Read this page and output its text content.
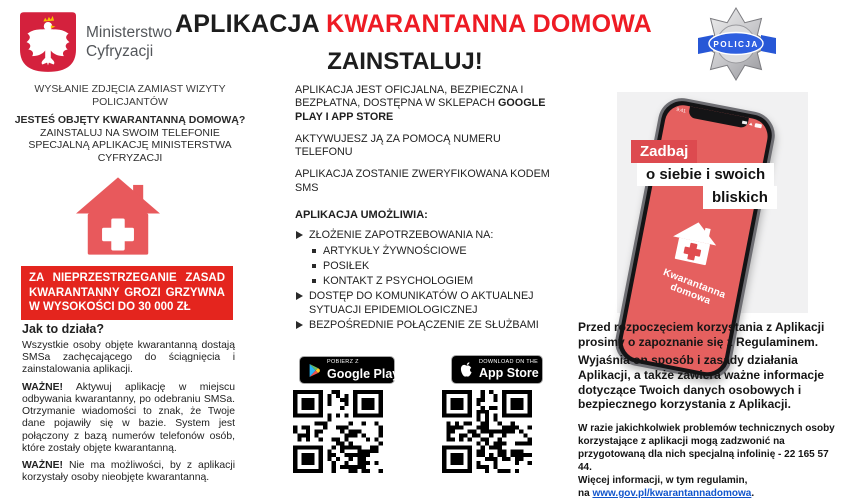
Ministerstwo
Cyfryzacji
APLIKACJA KWARANTANNA DOMOWA
ZAINSTALUJ!
POLICJA
WYSŁANIE ZDJĘCIA ZAMIAST WIZYTY POLICJANTÓW
JESTEŚ OBJĘTY KWARANTANNĄ DOMOWĄ?
ZAINSTALUJ NA SWOIM TELEFONIE SPECJALNĄ APLIKACJĘ MINISTERSTWA CYFRYZACJI
ZA NIEPRZESTRZEGANIE ZASAD KWARANTANNY GROZI GRZYWNA W WYSOKOŚCI DO 30 000 ZŁ
Jak to działa?

Wszystkie osoby objęte kwarantanną dostają SMSa zachęcającego do ściągnięcia i zainstalowania aplikacji.

WAŻNE! Aktywuj aplikację w miejscu odbywania kwarantanny, po odebraniu SMSa. Otrzymanie wiadomości to znak, że Twoje dane pojawiły się w bazie. System jest połączony z bazą numerów telefonów osób, które zostały objęte kwarantanną.

WAŻNE! Nie ma możliwości, by z aplikacji korzystały osoby nieobjęte kwarantanną.

APLIKACJA JEST OFICJALNA, BEZPIECZNA I BEZPŁATNA, DOSTĘPNA W SKLEPACH GOOGLE PLAY I APP STORE

AKTYWUJESZ JĄ ZA POMOCĄ NUMERU TELEFONU

APLIKACJA ZOSTANIE ZWERYFIKOWANA KODEM SMS

APLIKACJA UMOŻLIWIA:

ZŁOŻENIE ZAPOTRZEBOWANIA NA:
ARTYKUŁY ŻYWNOŚCIOWE
POSIŁEK
KONTAKT Z PSYCHOLOGIEM
DOSTĘP DO KOMUNIKATÓW O AKTUALNEJ SYTUACJI EPIDEMIOLOGICZNEJ
BEZPOŚREDNIE POŁĄCZENIE ZE SŁUŻBAMI
POBIERZ Z
Google Play
DOWNLOAD ON THE
App Store
9:41
Kwarantanna domowa
Zadbaj
o siebie i swoich
bliskich

Przed rozpoczęciem korzystania z Aplikacji prosimy o zapoznanie się z Regulaminem.

Wyjaśnia on sposób i zasady działania Aplikacji, a także zawiera ważne informacje dotyczące Twoich danych osobowych i bezpiecznego korzystania z Aplikacji.

W razie jakichkolwiek problemów technicznych osoby korzystające z aplikacji mogą zadzwonić na przygotowaną dla nich specjalną infolinię - 22 165 57 44.

Więcej informacji, w tym regulamin,
na www.gov.pl/kwarantannadomowa.
